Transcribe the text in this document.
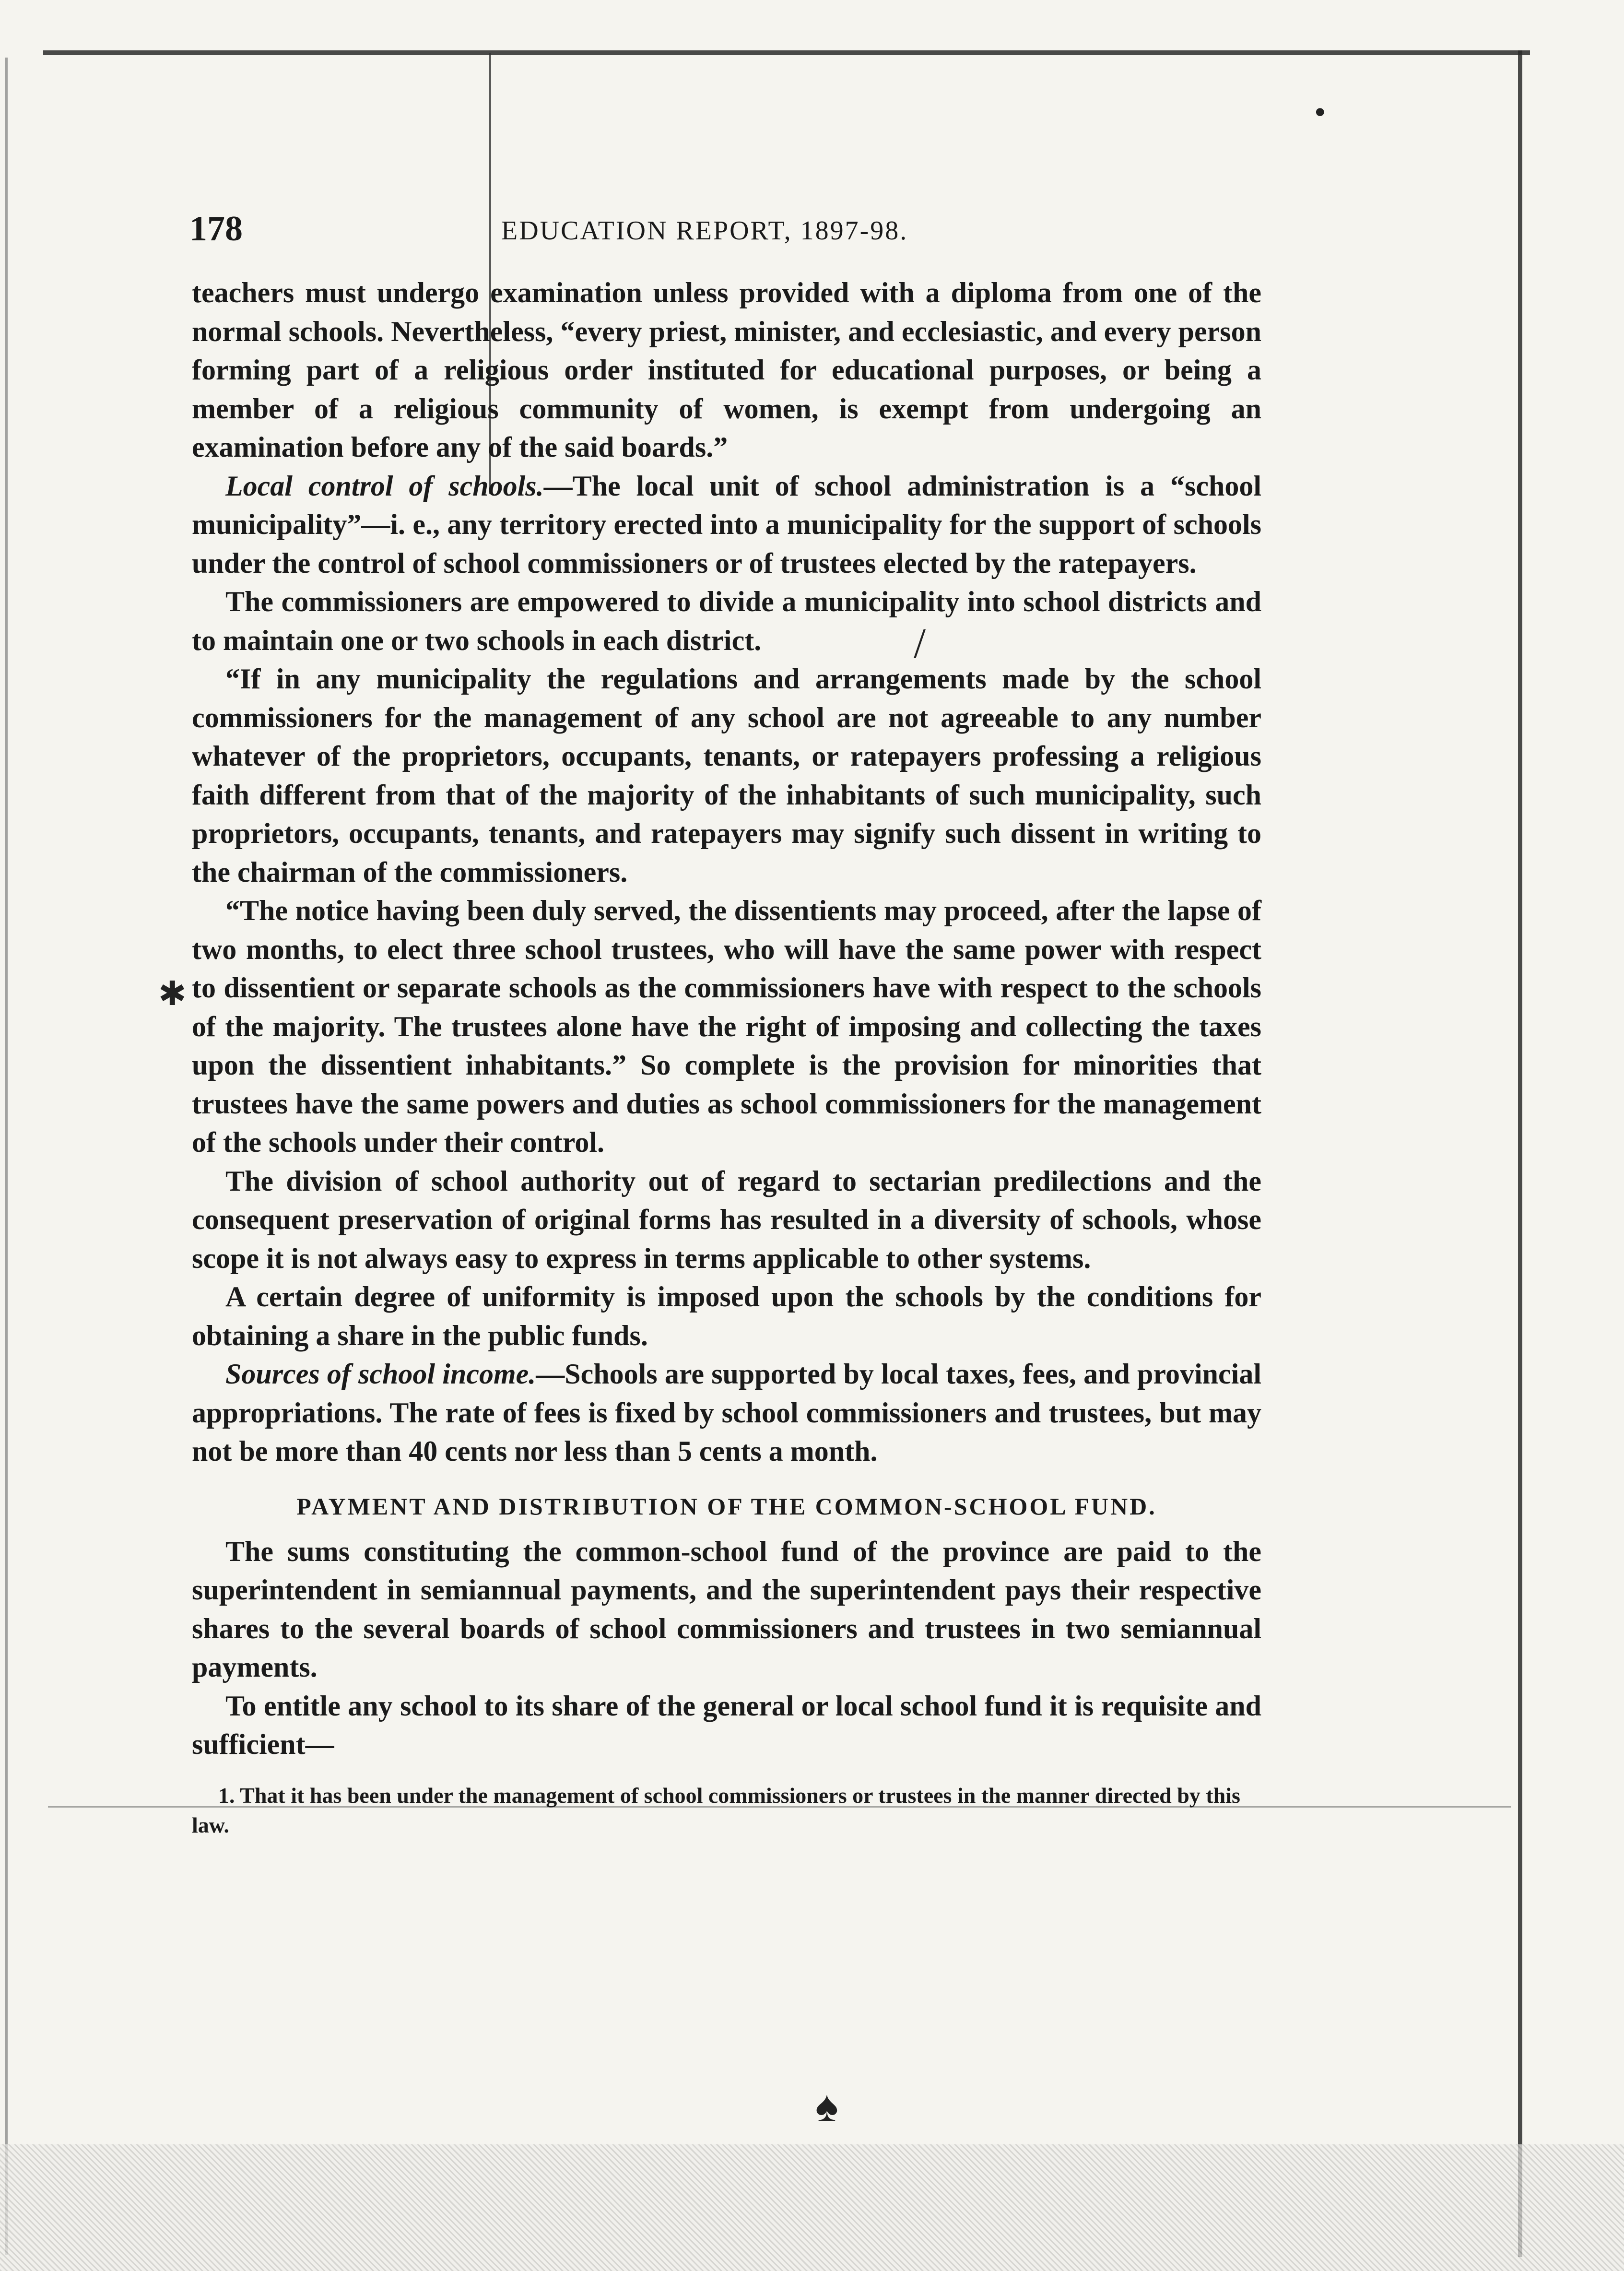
•
/
✱
♠
178	EDUCATION REPORT, 1897-98.

teachers must undergo examination unless provided with a diploma from one of the normal schools. Nevertheless, “every priest, minister, and ecclesiastic, and every person forming part of a religious order instituted for educational purposes, or being a member of a religious community of women, is exempt from undergoing an examination before any of the said boards.”

Local control of schools.—The local unit of school administration is a “school municipality”—i. e., any territory erected into a municipality for the support of schools under the control of school commissioners or of trustees elected by the ratepayers.

The commissioners are empowered to divide a municipality into school districts and to maintain one or two schools in each district.

“If in any municipality the regulations and arrangements made by the school commissioners for the management of any school are not agreeable to any number whatever of the proprietors, occupants, tenants, or ratepayers professing a religious faith different from that of the majority of the inhabitants of such municipality, such proprietors, occupants, tenants, and ratepayers may signify such dissent in writing to the chairman of the commissioners.

“The notice having been duly served, the dissentients may proceed, after the lapse of two months, to elect three school trustees, who will have the same power with respect to dissentient or separate schools as the commissioners have with respect to the schools of the majority. The trustees alone have the right of imposing and collecting the taxes upon the dissentient inhabitants.” So complete is the provision for minorities that trustees have the same powers and duties as school commissioners for the management of the schools under their control.

The division of school authority out of regard to sectarian predilections and the consequent preservation of original forms has resulted in a diversity of schools, whose scope it is not always easy to express in terms applicable to other systems.

A certain degree of uniformity is imposed upon the schools by the conditions for obtaining a share in the public funds.

Sources of school income.—Schools are supported by local taxes, fees, and provincial appropriations. The rate of fees is fixed by school commissioners and trustees, but may not be more than 40 cents nor less than 5 cents a month.

PAYMENT AND DISTRIBUTION OF THE COMMON-SCHOOL FUND.

The sums constituting the common-school fund of the province are paid to the superintendent in semiannual payments, and the superintendent pays their respective shares to the several boards of school commissioners and trustees in two semiannual payments.

To entitle any school to its share of the general or local school fund it is requisite and sufficient—

1. That it has been under the management of school commissioners or trustees in the manner directed by this law.
